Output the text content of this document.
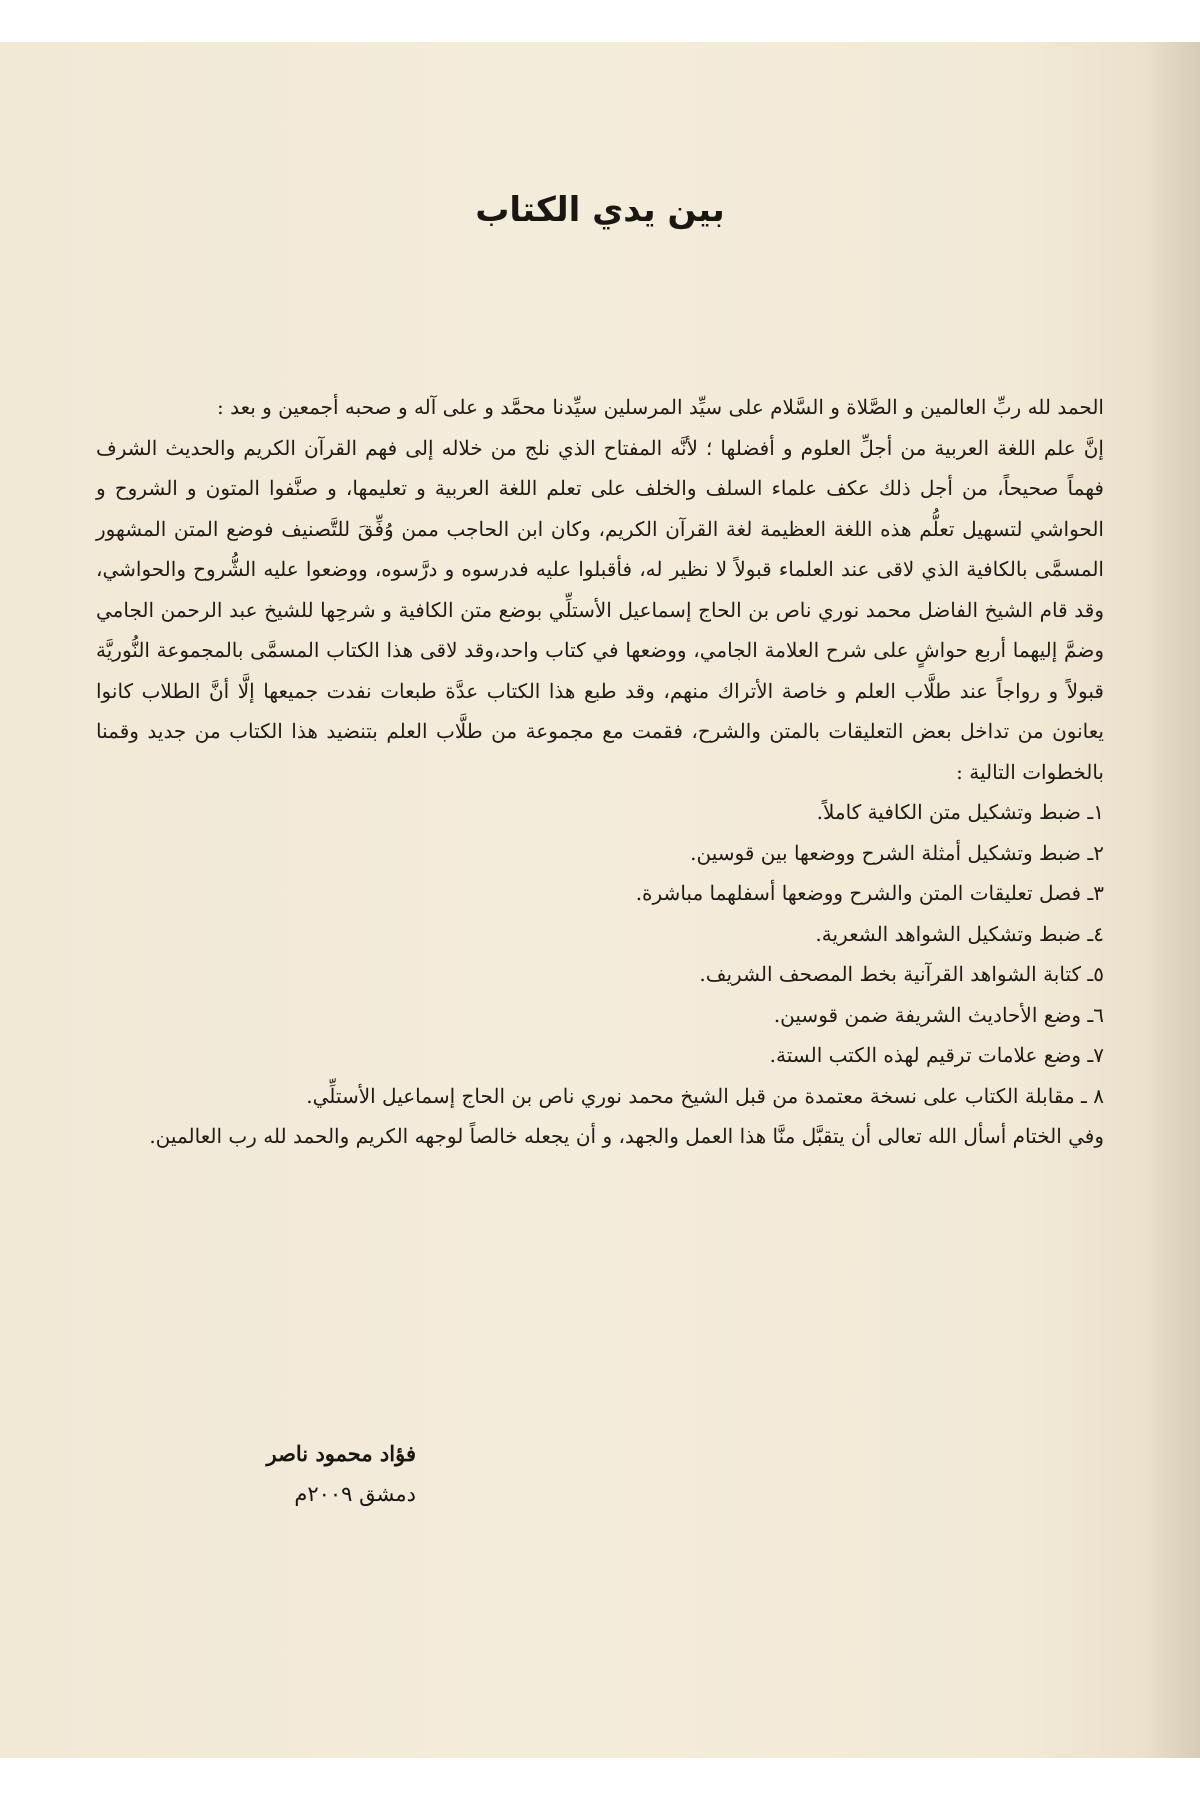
بين يدي الكتاب

الحمد لله ربِّ العالمين و الصَّلاة و السَّلام على سيِّد المرسلين سيِّدنا محمَّد و على آله و صحبه أجمعين و بعد :

إنَّ علم اللغة العربية من أجلِّ العلوم و أفضلها ؛ لأنَّه المفتاح الذي نلج من خلاله إلى فهم القرآن الكريم والحديث الشرف فهماً صحيحاً، من أجل ذلك عكف علماء السلف والخلف على تعلم اللغة العربية و تعليمها، و صنَّفوا المتون و الشروح و الحواشي لتسهيل تعلُّم هذه اللغة العظيمة لغة القرآن الكريم، وكان ابن الحاجب ممن وُفِّقَ للتَّصنيف فوضع المتن المشهور المسمَّى بالكافية الذي لاقى عند العلماء قبولاً لا نظير له، فأقبلوا عليه فدرسوه و درَّسوه، ووضعوا عليه الشُّروح والحواشي، وقد قام الشيخ الفاضل محمد نوري ناص بن الحاج إسماعيل الأستلِّي بوضع متن الكافية و شرحِها للشيخ عبد الرحمن الجامي وضمَّ إليهما أربع حواشٍ على شرح العلامة الجامي، ووضعها في كتاب واحد،وقد لاقى هذا الكتاب المسمَّى بالمجموعة النُّوريَّة قبولاً و رواجاً عند طلَّاب العلم و خاصة الأتراك منهم، وقد طبع هذا الكتاب عدَّة طبعات نفدت جميعها إلَّا أنَّ الطلاب كانوا يعانون من تداخل بعض التعليقات بالمتن والشرح، فقمت مع مجموعة من طلَّاب العلم بتنضيد هذا الكتاب من جديد وقمنا بالخطوات التالية :

١ـ ضبط وتشكيل متن الكافية كاملاً.
٢ـ ضبط وتشكيل أمثلة الشرح ووضعها بين قوسين.
٣ـ فصل تعليقات المتن والشرح ووضعها أسفلهما مباشرة.
٤ـ ضبط وتشكيل الشواهد الشعرية.
٥ـ كتابة الشواهد القرآنية بخط المصحف الشريف.
٦ـ وضع الأحاديث الشريفة ضمن قوسين.
٧ـ وضع علامات ترقيم لهذه الكتب الستة.
٨ ـ مقابلة الكتاب على نسخة معتمدة من قبل الشيخ محمد نوري ناص بن الحاج إسماعيل الأستلِّي.

وفي الختام أسأل الله تعالى أن يتقبَّل منَّا هذا العمل والجهد، و أن يجعله خالصاً لوجهه الكريم والحمد لله رب العالمين.

فؤاد محمود ناصر
دمشق ٢٠٠٩م
